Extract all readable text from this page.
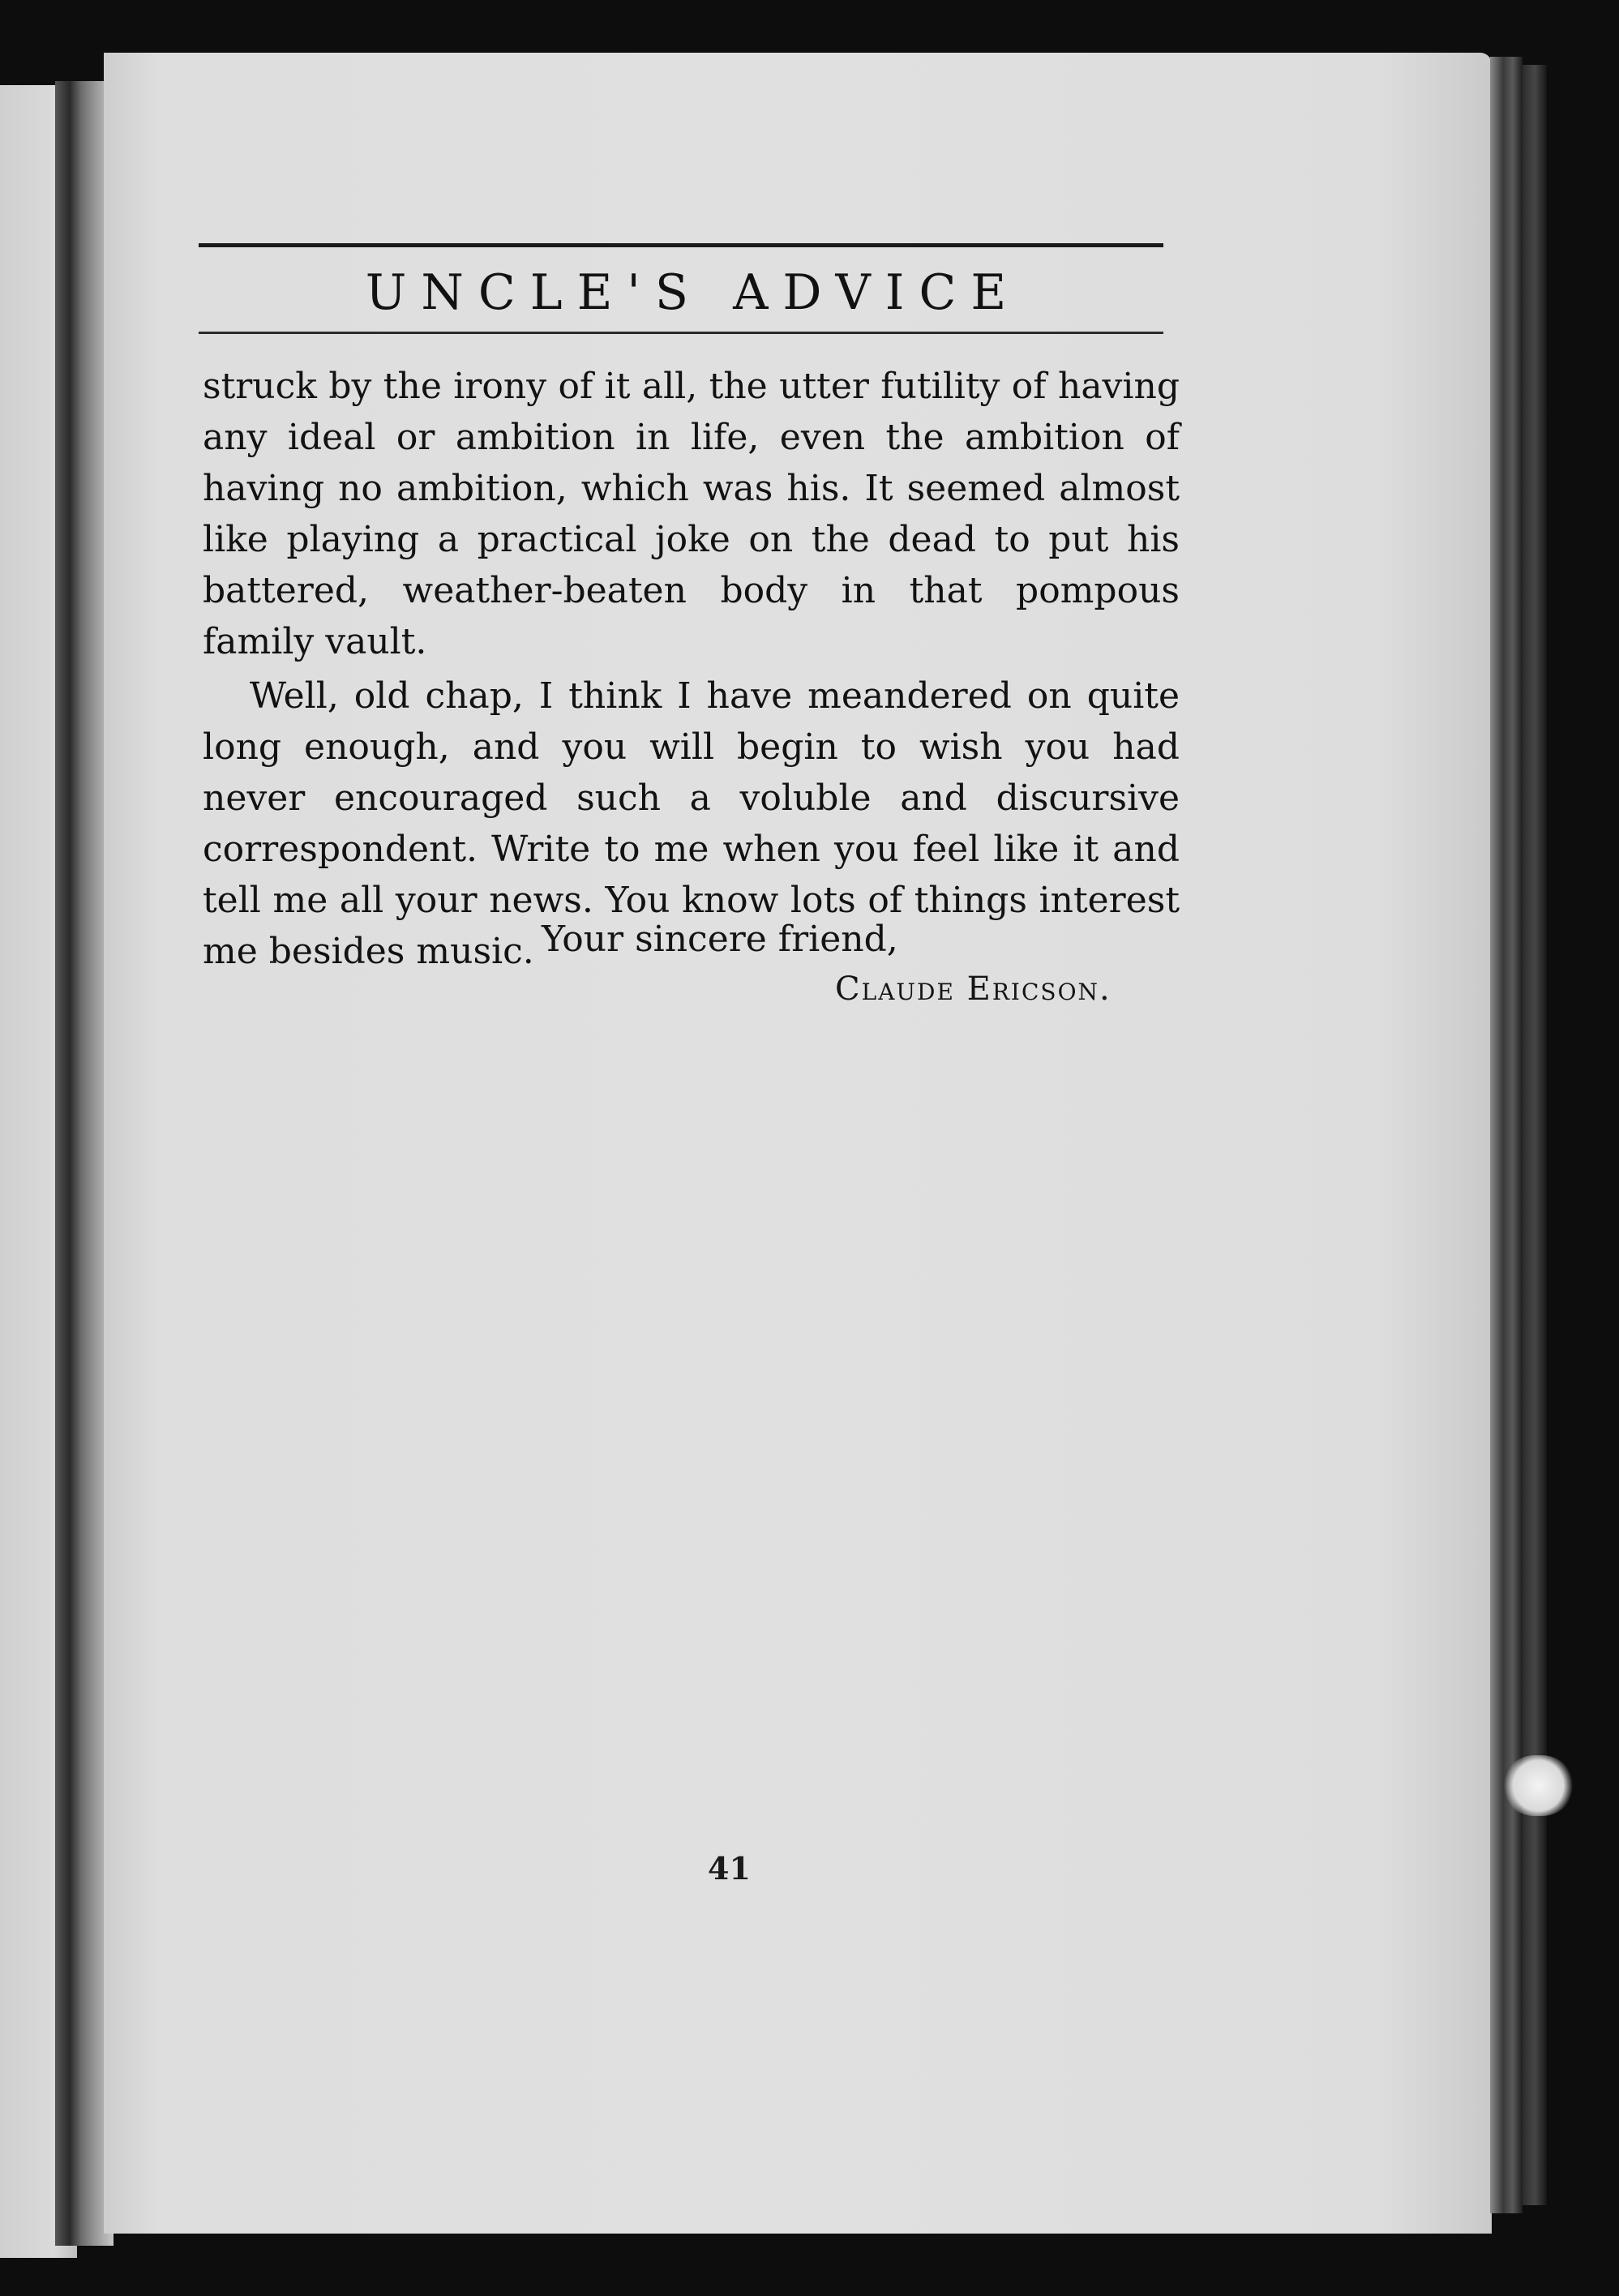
UNCLE'S ADVICE

struck by the irony of it all, the utter futility of having any ideal or ambition in life, even the ambition of having no ambition, which was his. It seemed almost like playing a practical joke on the dead to put his battered, weather-beaten body in that pompous family vault.

Well, old chap, I think I have meandered on quite long enough, and you will begin to wish you had never encouraged such a voluble and discursive correspondent. Write to me when you feel like it and tell me all your news. You know lots of things interest me besides music. Your sincere friend,
Claude Ericson.
41
